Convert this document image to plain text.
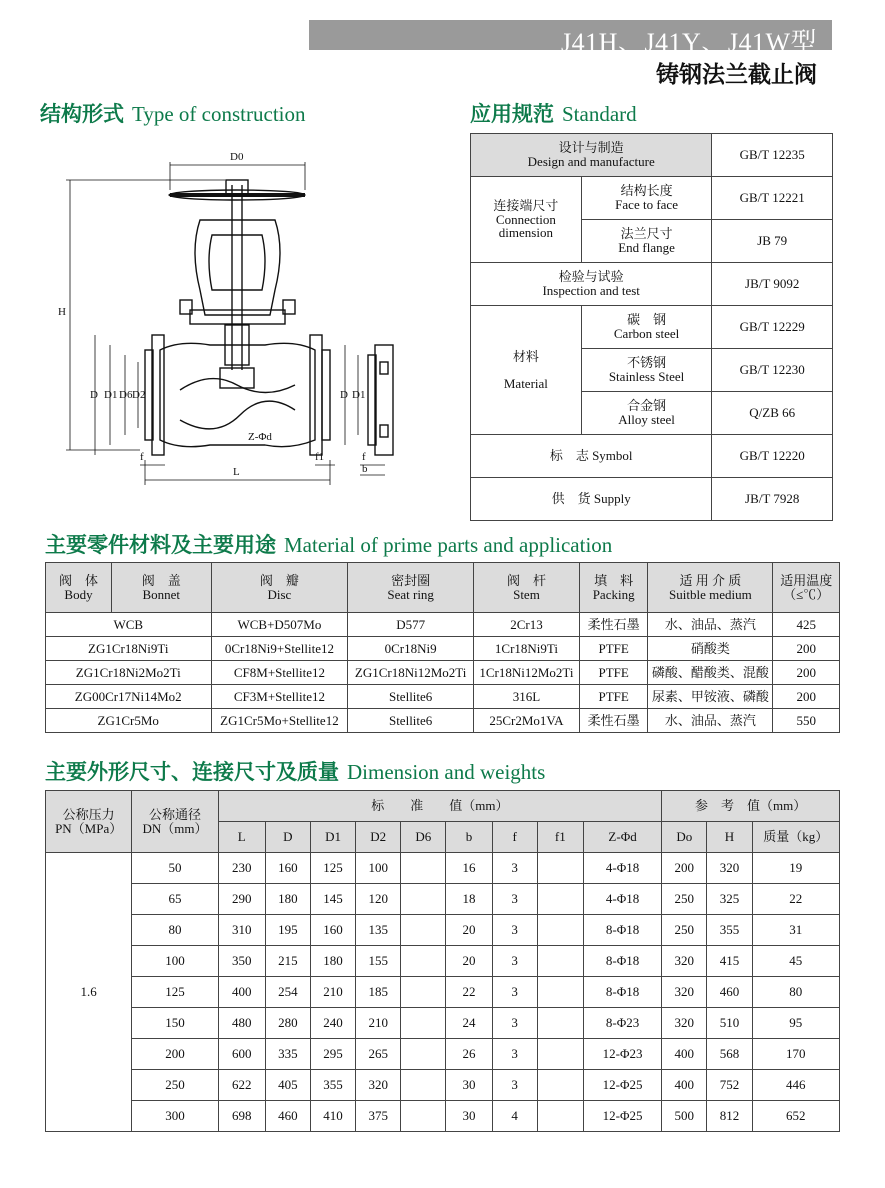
J41H、J41Y、J41W型
铸钢法兰截止阀
结构形式 Type of construction	应用规范 Standard
D0
H
D D1 D6 D2	D D1
Z-Φd
f	f1	f
b
L
设计与制造
Design and manufacture		GB/T 12235
连接端尺寸
Connection
dimension	结构长度
Face to face	GB/T 12221
	法兰尺寸
End flange	JB 79
检验与试验
Inspection and test		JB/T 9092
材料

Material	碳　钢
Carbon steel	GB/T 12229
	不锈钢
Stainless Steel	GB/T 12230
	合金钢
Alloy steel	Q/ZB 66
标　志 Symbol		GB/T 12220
供　货 Supply		JB/T 7928
主要零件材料及主要用途 Material of prime parts and application
阀　体
Body	阀　盖
Bonnet	阀　瓣
Disc	密封圈
Seat ring	阀　杆
Stem	填　料
Packing	适 用 介 质
Suitble medium	适用温度
（≤℃）
WCB		WCB+D507Mo	D577	2Cr13	柔性石墨	水、油品、蒸汽	425
ZG1Cr18Ni9Ti		0Cr18Ni9+Stellite12	0Cr18Ni9	1Cr18Ni9Ti	PTFE	硝酸类	200
ZG1Cr18Ni2Mo2Ti		CF8M+Stellite12	ZG1Cr18Ni12Mo2Ti	1Cr18Ni12Mo2Ti	PTFE	磷酸、醋酸类、混酸	200
ZG00Cr17Ni14Mo2		CF3M+Stellite12	Stellite6	316L	PTFE	尿素、甲铵液、磷酸	200
ZG1Cr5Mo		ZG1Cr5Mo+Stellite12	Stellite6	25Cr2Mo1VA	柔性石墨	水、油品、蒸汽	550
主要外形尺寸、连接尺寸及质量 Dimension and weights
公称压力
PN（MPa）	公称通径
DN（mm）	标　　准　　值（mm）									参　考　值（mm）		
		L	D	D1	D2	D6	b	f	f1	Z-Φd	Do	H	质量（kg）
1.6	50	230	160	125	100		16	3		4-Φ18	200	320	19
	65	290	180	145	120		18	3		4-Φ18	250	325	22
	80	310	195	160	135		20	3		8-Φ18	250	355	31
	100	350	215	180	155		20	3		8-Φ18	320	415	45
	125	400	254	210	185		22	3		8-Φ18	320	460	80
	150	480	280	240	210		24	3		8-Φ23	320	510	95
	200	600	335	295	265		26	3		12-Φ23	400	568	170
	250	622	405	355	320		30	3		12-Φ25	400	752	446
	300	698	460	410	375		30	4		12-Φ25	500	812	652
